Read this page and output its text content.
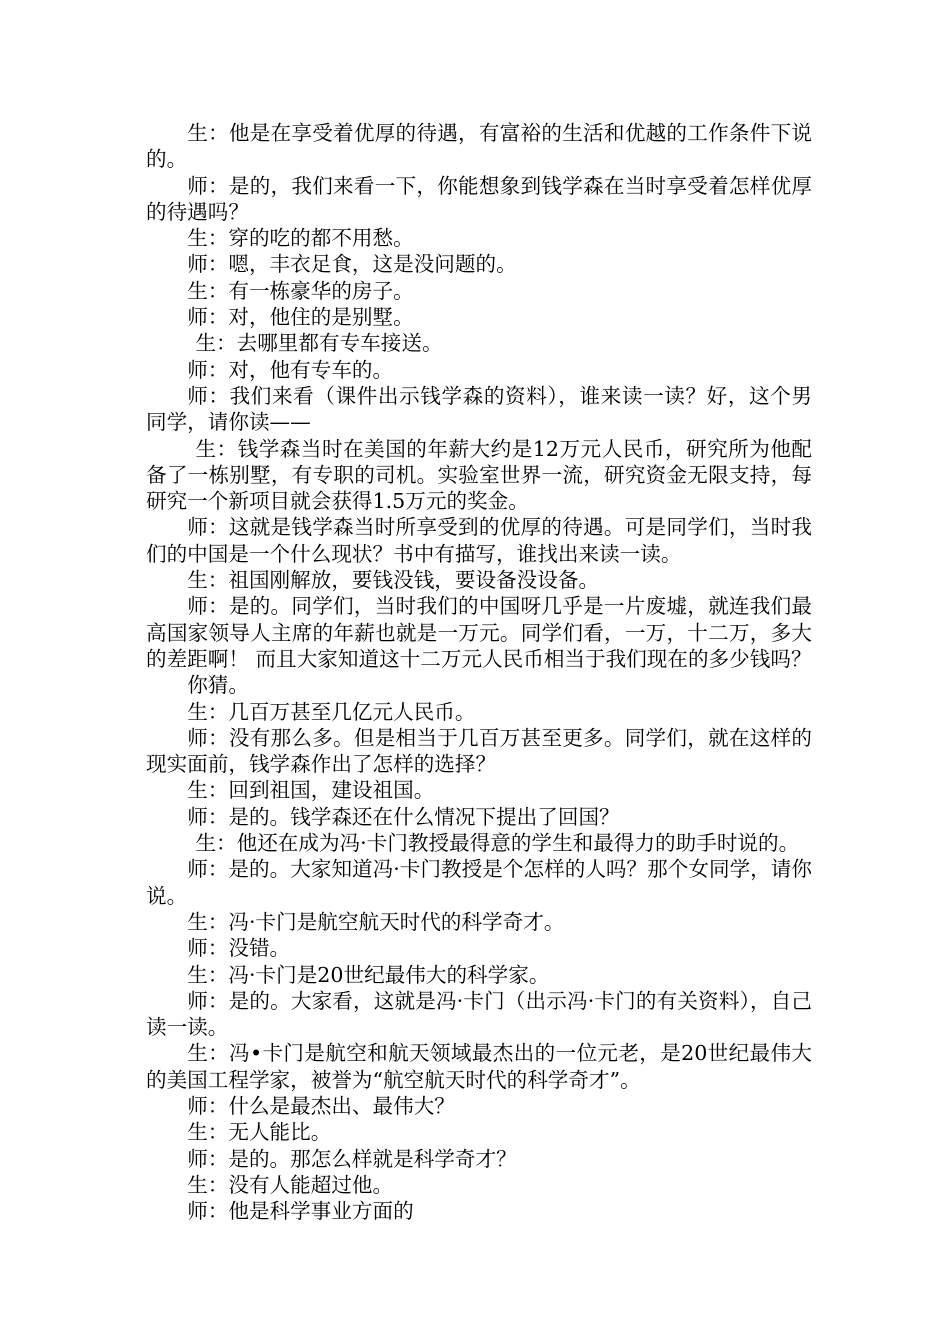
生：他是在享受着优厚的待遇，有富裕的生活和优越的工作条件下说的。

师：是的，我们来看一下，你能想象到钱学森在当时享受着怎样优厚的待遇吗？

生：穿的吃的都不用愁。

师：嗯，丰衣足食，这是没问题的。

生：有一栋豪华的房子。

师：对，他住的是别墅。

生：去哪里都有专车接送。

师：对，他有专车的。

师：我们来看（课件出示钱学森的资料），谁来读一读？好，这个男同学，请你读——

生：钱学森当时在美国的年薪大约是12万元人民币，研究所为他配备了一栋别墅，有专职的司机。实验室世界一流，研究资金无限支持，每研究一个新项目就会获得1.5万元的奖金。

师：这就是钱学森当时所享受到的优厚的待遇。可是同学们，当时我们的中国是一个什么现状？书中有描写，谁找出来读一读。

生：祖国刚解放，要钱没钱，要设备没设备。

师：是的。同学们，当时我们的中国呀几乎是一片废墟，就连我们最高国家领导人主席的年薪也就是一万元。同学们看，一万，十二万，多大的差距啊！ 而且大家知道这十二万元人民币相当于我们现在的多少钱吗？

你猜。

生：几百万甚至几亿元人民币。

师：没有那么多。但是相当于几百万甚至更多。同学们，就在这样的现实面前，钱学森作出了怎样的选择？

生：回到祖国，建设祖国。

师：是的。钱学森还在什么情况下提出了回国？

生：他还在成为冯·卡门教授最得意的学生和最得力的助手时说的。

师：是的。大家知道冯·卡门教授是个怎样的人吗？那个女同学，请你说。

生：冯·卡门是航空航天时代的科学奇才。

师：没错。

生：冯·卡门是20世纪最伟大的科学家。

师：是的。大家看，这就是冯·卡门（出示冯·卡门的有关资料），自己读一读。

生：冯•卡门是航空和航天领域最杰出的一位元老，是20世纪最伟大的美国工程学家，被誉为“航空航天时代的科学奇才”。

师：什么是最杰出、最伟大？

生：无人能比。

师：是的。那怎么样就是科学奇才？

生：没有人能超过他。

师：他是科学事业方面的
